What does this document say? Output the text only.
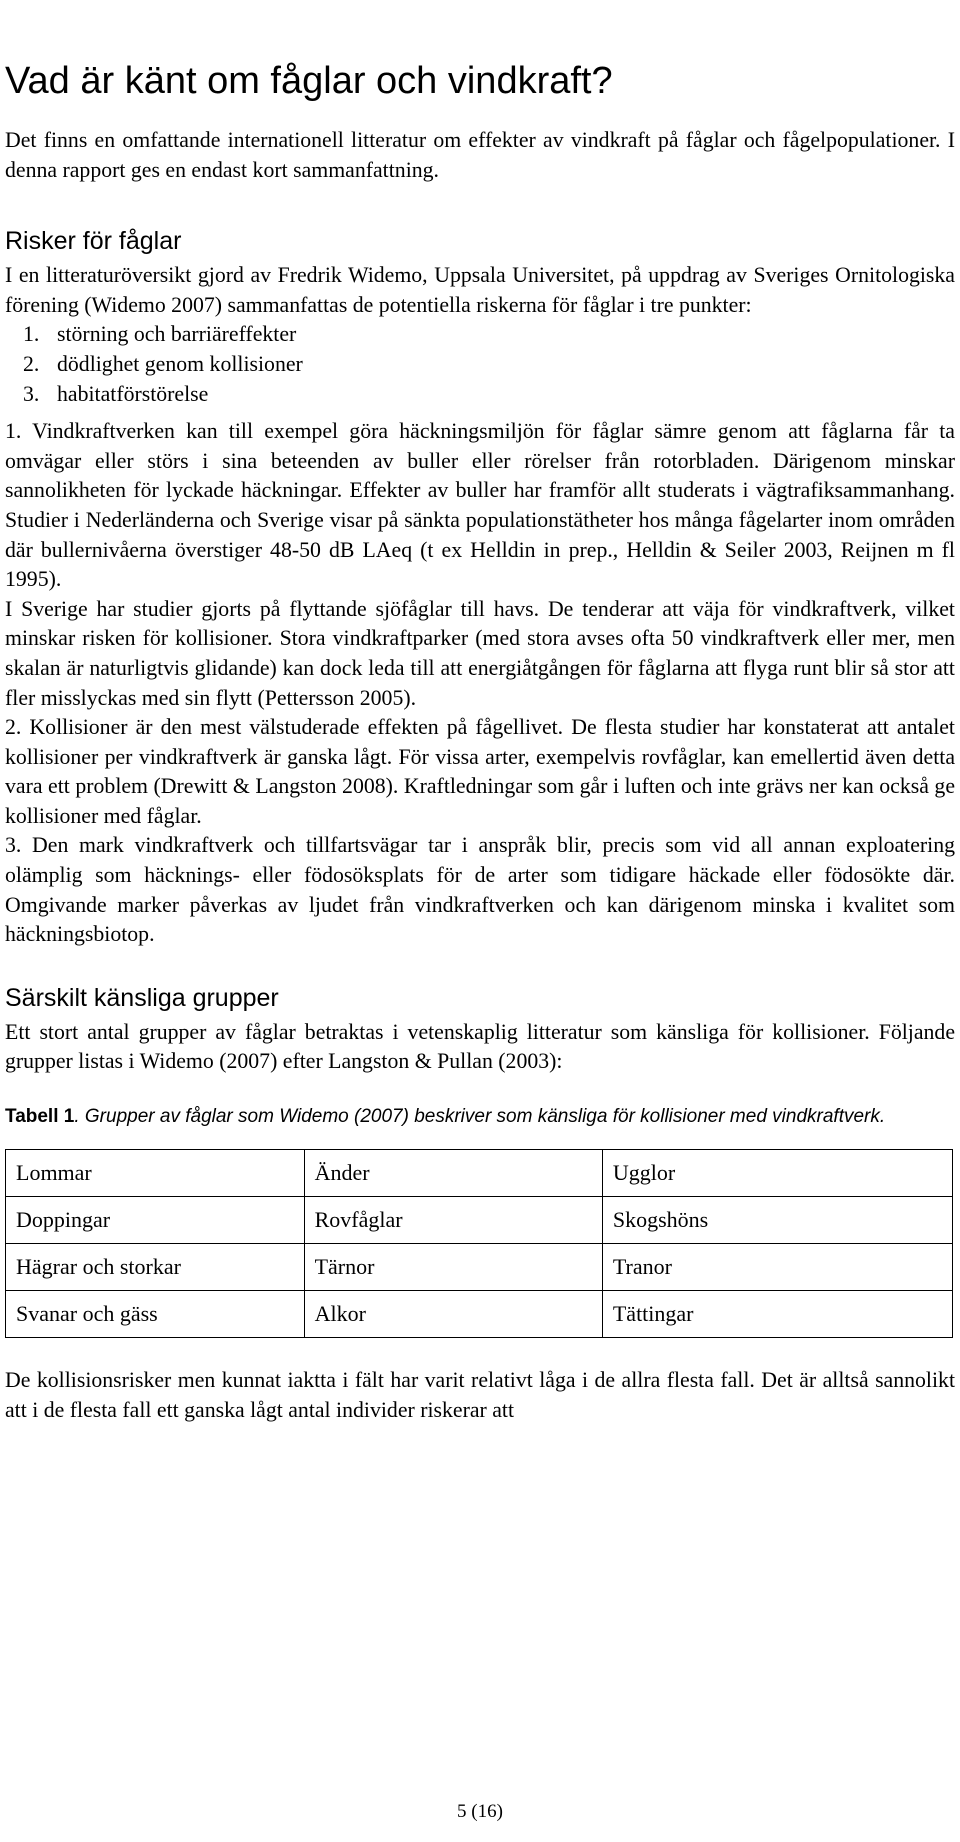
Kingebol fågelliv, Naturcentrum AB	2010-10-01
Vad är känt om fåglar och vindkraft?

Det finns en omfattande internationell litteratur om effekter av vindkraft på fåglar och fågelpopulationer. I denna rapport ges en endast kort sammanfattning.

Risker för fåglar

I en litteraturöversikt gjord av Fredrik Widemo, Uppsala Universitet, på uppdrag av Sveriges Ornitologiska förening (Widemo 2007) sammanfattas de potentiella riskerna för fåglar i tre punkter:

1. störning och barriäreffekter
2. dödlighet genom kollisioner
3. habitatförstörelse

1. Vindkraftverken kan till exempel göra häckningsmiljön för fåglar sämre genom att fåglarna får ta omvägar eller störs i sina beteenden av buller eller rörelser från rotorbladen. Därigenom minskar sannolikheten för lyckade häckningar. Effekter av buller har framför allt studerats i vägtrafiksammanhang. Studier i Nederländerna och Sverige visar på sänkta populationstätheter hos många fågelarter inom områden där bullernivåerna överstiger 48-50 dB LAeq (t ex Helldin in prep., Helldin & Seiler 2003, Reijnen m fl 1995).

I Sverige har studier gjorts på flyttande sjöfåglar till havs. De tenderar att väja för vindkraftverk, vilket minskar risken för kollisioner. Stora vindkraftparker (med stora avses ofta 50 vindkraftverk eller mer, men skalan är naturligtvis glidande) kan dock leda till att energiåtgången för fåglarna att flyga runt blir så stor att fler misslyckas med sin flytt (Pettersson 2005).

2. Kollisioner är den mest välstuderade effekten på fågellivet. De flesta studier har konstaterat att antalet kollisioner per vindkraftverk är ganska lågt. För vissa arter, exempelvis rovfåglar, kan emellertid även detta vara ett problem (Drewitt & Langston 2008). Kraftledningar som går i luften och inte grävs ner kan också ge kollisioner med fåglar.

3. Den mark vindkraftverk och tillfartsvägar tar i anspråk blir, precis som vid all annan exploatering olämplig som häcknings- eller födosöksplats för de arter som tidigare häckade eller födosökte där. Omgivande marker påverkas av ljudet från vindkraftverken och kan därigenom minska i kvalitet som häckningsbiotop.

Särskilt känsliga grupper

Ett stort antal grupper av fåglar betraktas i vetenskaplig litteratur som känsliga för kollisioner. Följande grupper listas i Widemo (2007) efter Langston & Pullan (2003):

Tabell 1. Grupper av fåglar som Widemo (2007) beskriver som känsliga för kollisioner med vindkraftverk.
Lommar	Änder	Ugglor
Doppingar	Rovfåglar	Skogshöns
Hägrar och storkar	Tärnor	Tranor
Svanar och gäss	Alkor	Tättingar

De kollisionsrisker men kunnat iaktta i fält har varit relativt låga i de allra flesta fall. Det är alltså sannolikt att i de flesta fall ett ganska lågt antal individer riskerar att

5 (16)
